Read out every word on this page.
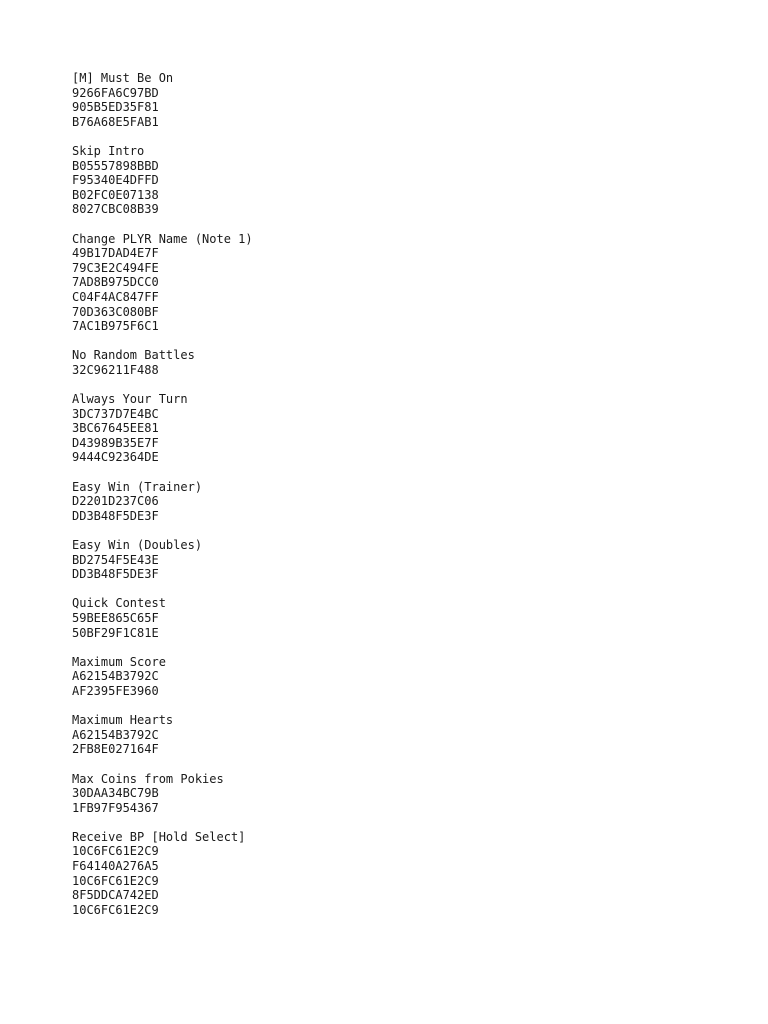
[M] Must Be On
9266FA6C97BD
905B5ED35F81
B76A68E5FAB1
Skip Intro
B05557898BBD
F95340E4DFFD
B02FC0E07138
8027CBC08B39
Change PLYR Name (Note 1)
49B17DAD4E7F
79C3E2C494FE
7AD8B975DCC0
C04F4AC847FF
70D363C080BF
7AC1B975F6C1
No Random Battles
32C96211F488
Always Your Turn
3DC737D7E4BC
3BC67645EE81
D43989B35E7F
9444C92364DE
Easy Win (Trainer)
D2201D237C06
DD3B48F5DE3F
Easy Win (Doubles)
BD2754F5E43E
DD3B48F5DE3F
Quick Contest
59BEE865C65F
50BF29F1C81E
Maximum Score
A62154B3792C
AF2395FE3960
Maximum Hearts
A62154B3792C
2FB8E027164F
Max Coins from Pokies
30DAA34BC79B
1FB97F954367
Receive BP [Hold Select]
10C6FC61E2C9
F64140A276A5
10C6FC61E2C9
8F5DDCA742ED
10C6FC61E2C9
